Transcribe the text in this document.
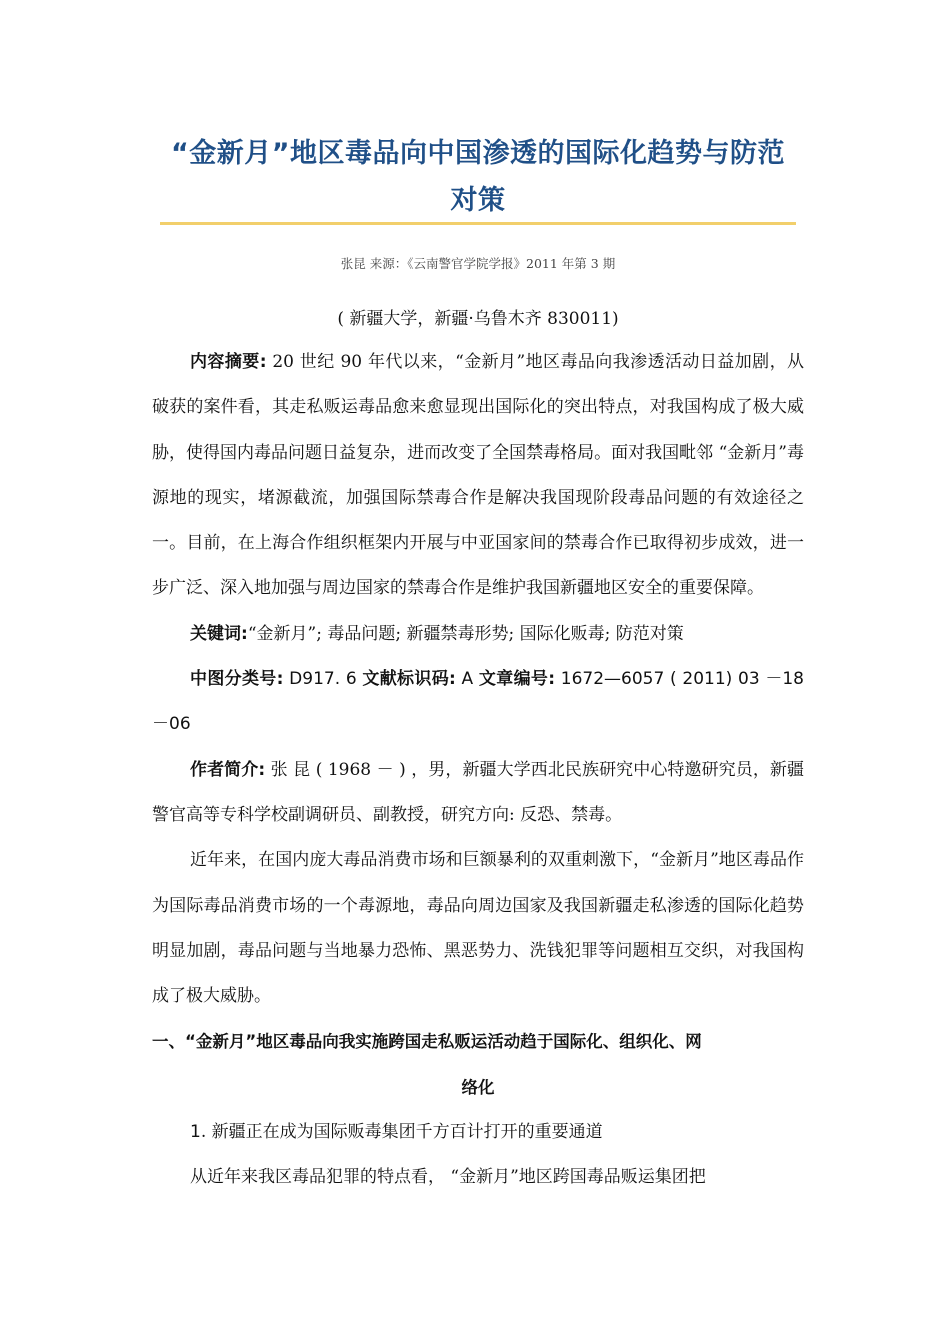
“金新月”地区毒品向中国渗透的国际化趋势与防范
对策
张昆 来源：《云南警官学院学报》2011 年第 3 期
( 新疆大学，新疆·乌鲁木齐 830011)

内容摘要: 20 世纪 90 年代以来，“金新月”地区毒品向我渗透活动日益加剧，从破获的案件看，其走私贩运毒品愈来愈显现出国际化的突出特点，对我国构成了极大威胁，使得国内毒品问题日益复杂，进而改变了全国禁毒格局。面对我国毗邻 “金新月”毒源地的现实，堵源截流，加强国际禁毒合作是解决我国现阶段毒品问题的有效途径之一。目前，在上海合作组织框架内开展与中亚国家间的禁毒合作已取得初步成效，进一步广泛、深入地加强与周边国家的禁毒合作是维护我国新疆地区安全的重要保障。

关键词:“金新月”; 毒品问题; 新疆禁毒形势; 国际化贩毒; 防范对策

中图分类号: D917. 6 文献标识码: A 文章编号: 1672—6057 ( 2011) 03 －18 －06

作者简介: 张 昆 ( 1968 － ) ，男，新疆大学西北民族研究中心特邀研究员，新疆警官高等专科学校副调研员、副教授，研究方向: 反恐、禁毒。

近年来，在国内庞大毒品消费市场和巨额暴利的双重刺激下，“金新月”地区毒品作为国际毒品消费市场的一个毒源地，毒品向周边国家及我国新疆走私渗透的国际化趋势明显加剧，毒品问题与当地暴力恐怖、黑恶势力、洗钱犯罪等问题相互交织，对我国构成了极大威胁。

一、“金新月”地区毒品向我实施跨国走私贩运活动趋于国际化、组织化、网
络化

1. 新疆正在成为国际贩毒集团千方百计打开的重要通道

从近年来我区毒品犯罪的特点看， “金新月”地区跨国毒品贩运集团把
